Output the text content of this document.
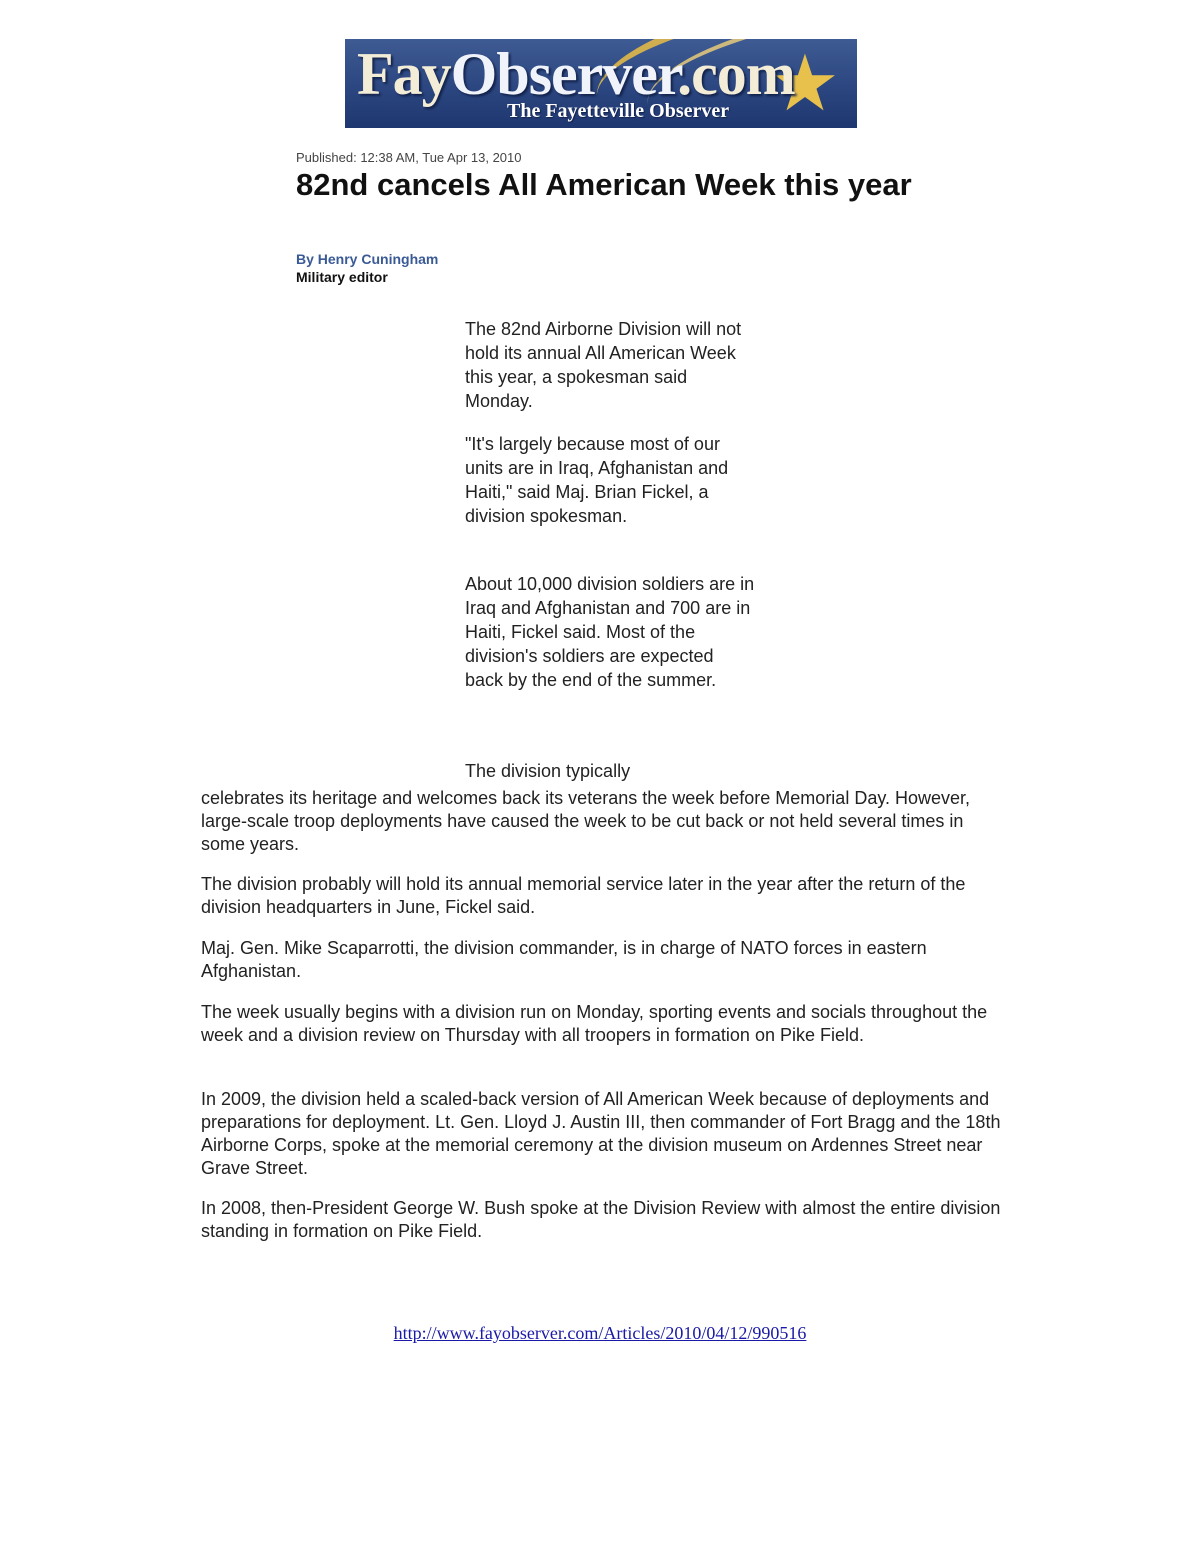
★
FayObserver.com
The Fayetteville Observer
Published: 12:38 AM, Tue Apr 13, 2010
82nd cancels All American Week this year
By Henry Cuningham
Military editor

The 82nd Airborne Division will not hold its annual All American Week this year, a spokesman said Monday.

"It's largely because most of our units are in Iraq, Afghanistan and Haiti," said Maj. Brian Fickel, a division spokesman.

About 10,000 division soldiers are in Iraq and Afghanistan and 700 are in Haiti, Fickel said. Most of the division's soldiers are expected back by the end of the summer.

The division typically

celebrates its heritage and welcomes back its veterans the week before Memorial Day. However, large-scale troop deployments have caused the week to be cut back or not held several times in some years.

The division probably will hold its annual memorial service later in the year after the return of the division headquarters in June, Fickel said.

Maj. Gen. Mike Scaparrotti, the division commander, is in charge of NATO forces in eastern Afghanistan.

The week usually begins with a division run on Monday, sporting events and socials throughout the week and a division review on Thursday with all troopers in formation on Pike Field.

In 2009, the division held a scaled-back version of All American Week because of deployments and preparations for deployment. Lt. Gen. Lloyd J. Austin III, then commander of Fort Bragg and the 18th Airborne Corps, spoke at the memorial ceremony at the division museum on Ardennes Street near Grave Street.

In 2008, then-President George W. Bush spoke at the Division Review with almost the entire division standing in formation on Pike Field.

http://www.fayobserver.com/Articles/2010/04/12/990516
